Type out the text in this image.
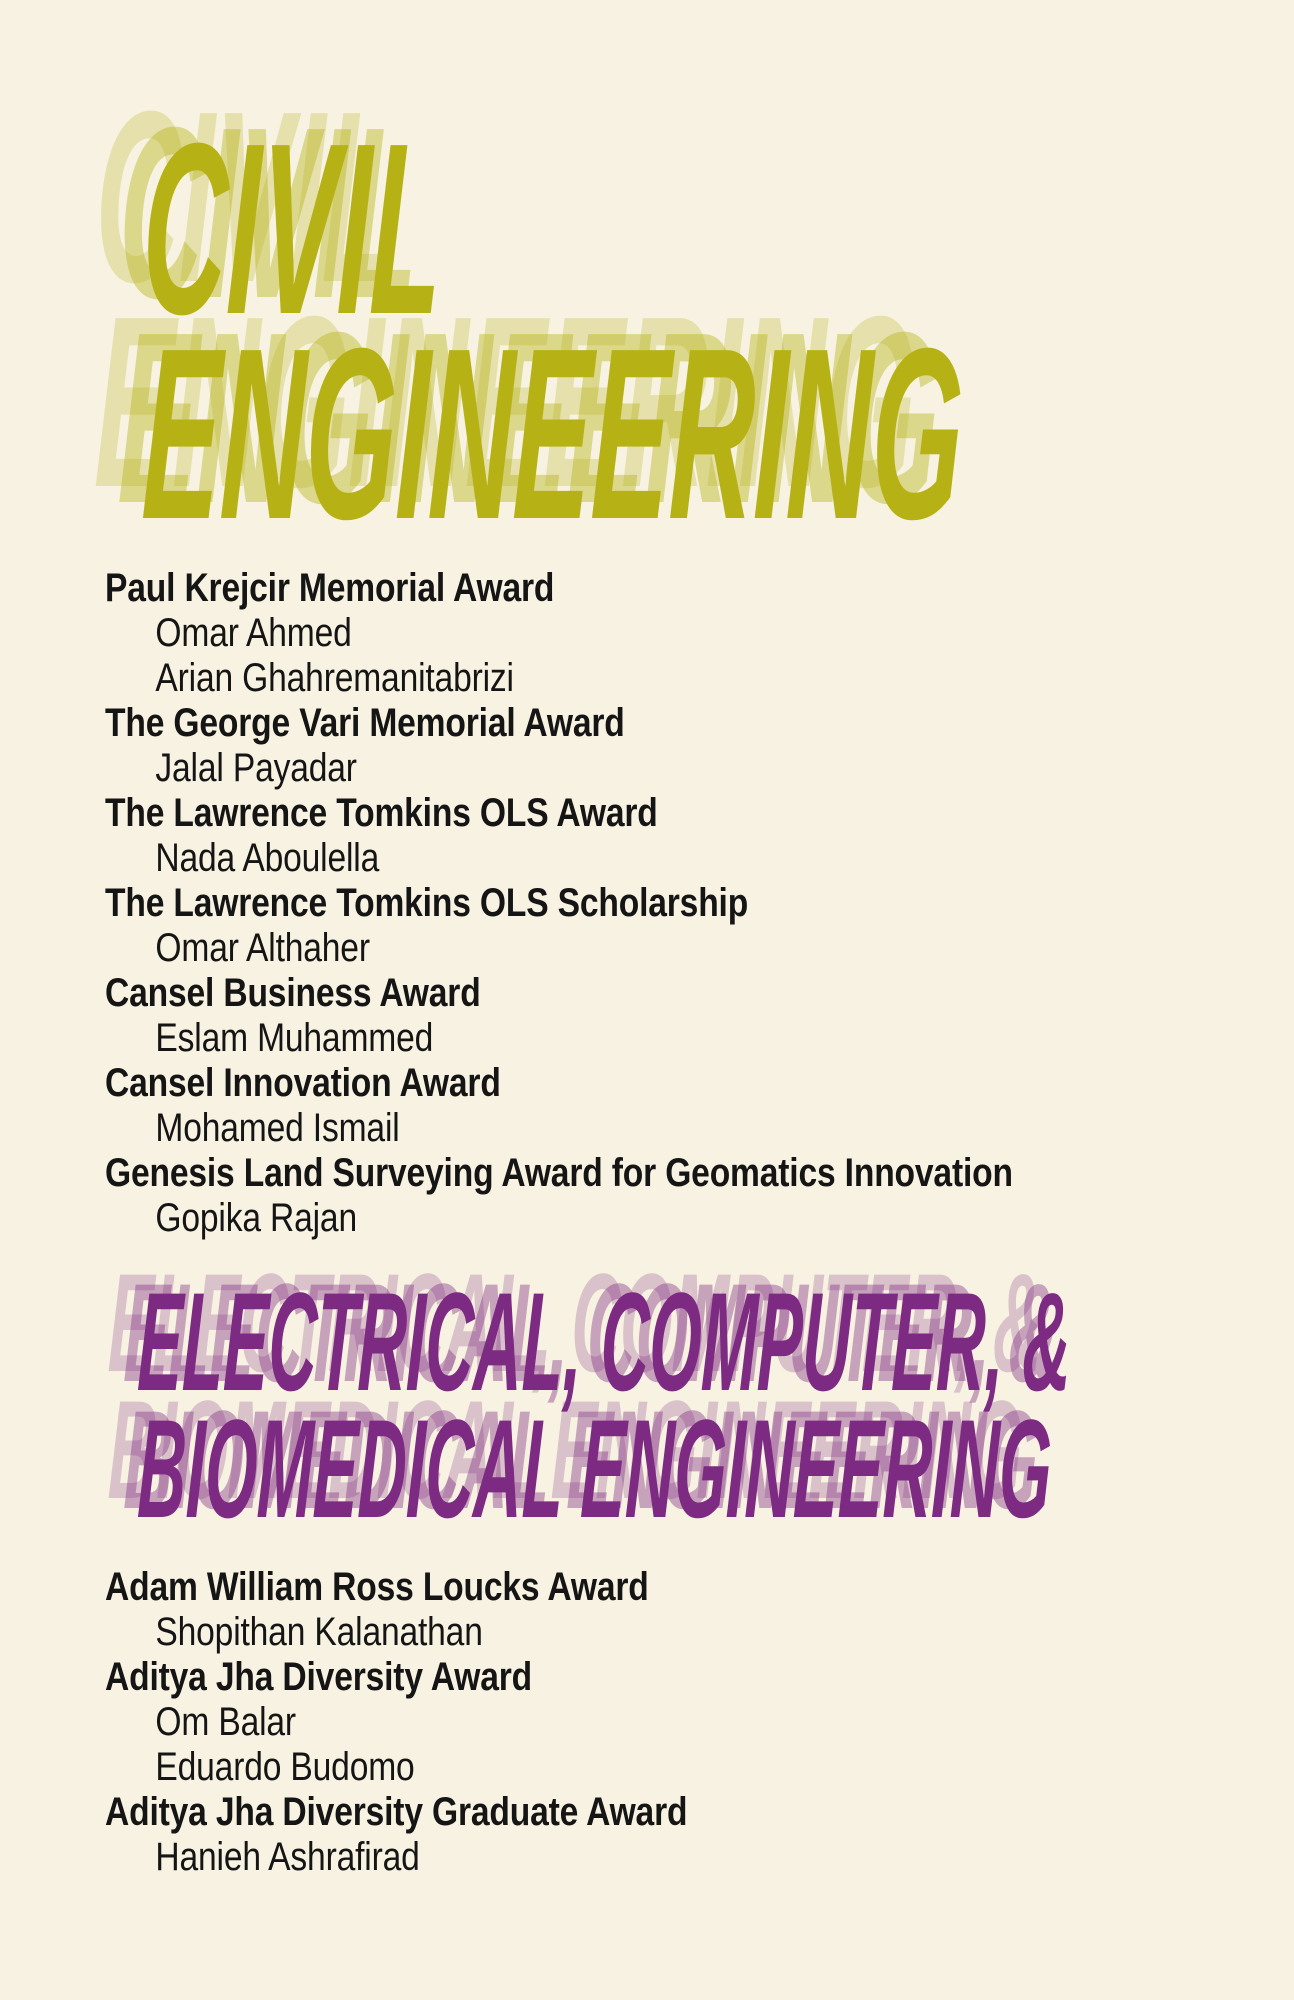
CIVIL
ENGINEERING
Paul Krejcir Memorial Award
Omar Ahmed
Arian Ghahremanitabrizi
The George Vari Memorial Award
Jalal Payadar
The Lawrence Tomkins OLS Award
Nada Aboulella
The Lawrence Tomkins OLS Scholarship
Omar Althaher
Cansel Business Award
Eslam Muhammed
Cansel Innovation Award
Mohamed Ismail
Genesis Land Surveying Award for Geomatics Innovation
Gopika Rajan
ELECTRICAL, COMPUTER, &
BIOMEDICAL ENGINEERING
Adam William Ross Loucks Award
Shopithan Kalanathan
Aditya Jha Diversity Award
Om Balar
Eduardo Budomo
Aditya Jha Diversity Graduate Award
Hanieh Ashrafirad
